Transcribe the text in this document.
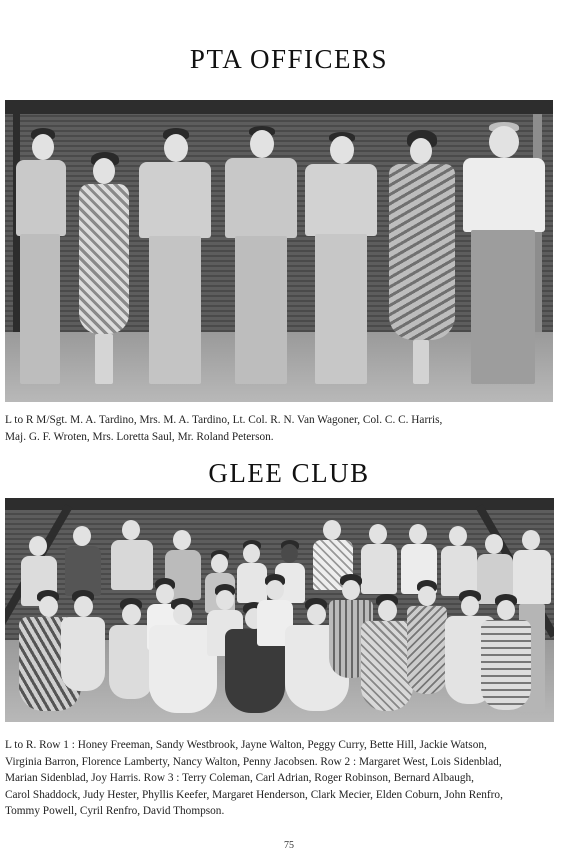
PTA OFFICERS

L to R M/Sgt. M. A. Tardino, Mrs. M. A. Tardino, Lt. Col. R. N. Van Wagoner, Col. C. C. Harris,

Maj. G. F. Wroten, Mrs. Loretta Saul, Mr. Roland Peterson.

GLEE CLUB

L to R. Row 1 : Honey Freeman, Sandy Westbrook, Jayne Walton, Peggy Curry, Bette Hill, Jackie Watson,

Virginia Barron, Florence Lamberty, Nancy Walton, Penny Jacobsen. Row 2 : Margaret West, Lois Sidenblad,

Marian Sidenblad, Joy Harris. Row 3 : Terry Coleman, Carl Adrian, Roger Robinson, Bernard Albaugh,

Carol Shaddock, Judy Hester, Phyllis Keefer, Margaret Henderson, Clark Mecier, Elden Coburn, John Renfro,

Tommy Powell, Cyril Renfro, David Thompson.

75
